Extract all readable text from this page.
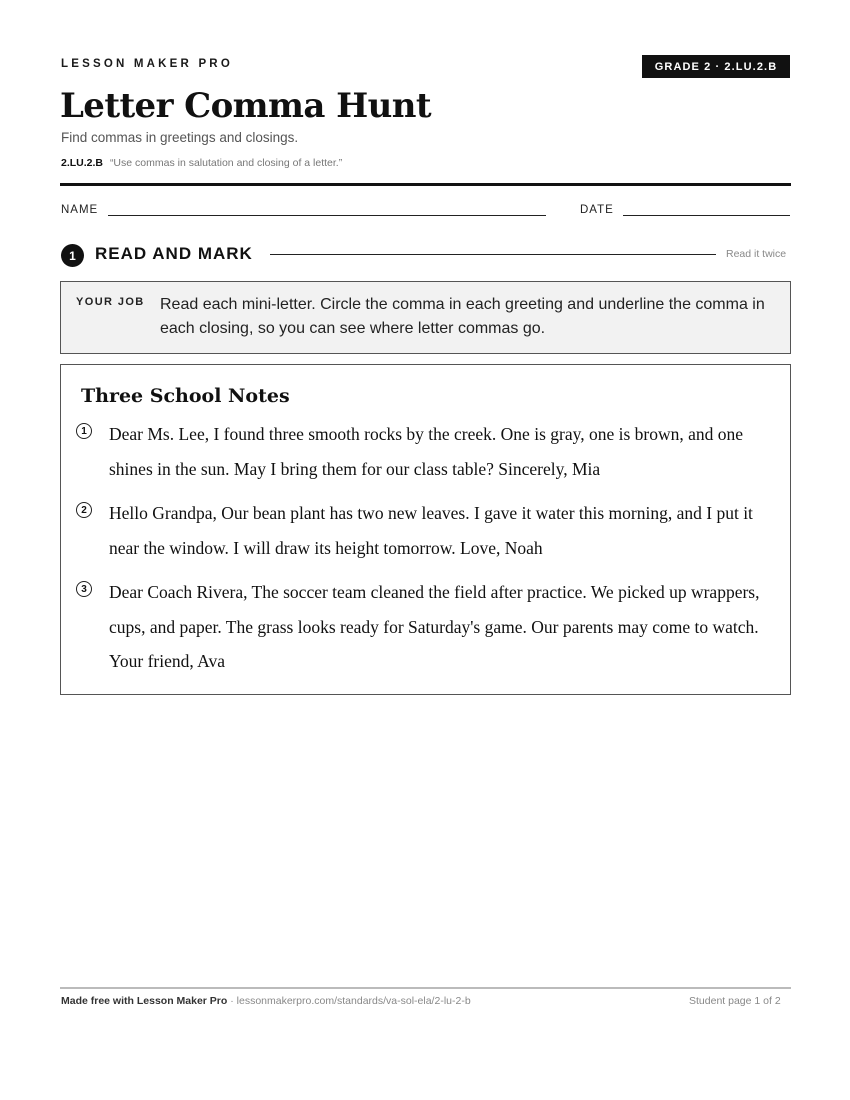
LESSON MAKER PRO	GRADE 2 · 2.LU.2.B
Letter Comma Hunt
Find commas in greetings and closings.
2.LU.2.B “Use commas in salutation and closing of a letter.”
NAME	DATE
1	READ AND MARK	Read it twice
YOUR JOB Read each mini-letter. Circle the comma in each greeting and underline the comma in each closing, so you can see where letter commas go.
Three School Notes
1 Dear Ms. Lee, I found three smooth rocks by the creek. One is gray, one is brown, and one shines in the sun. May I bring them for our class table? Sincerely, Mia
2 Hello Grandpa, Our bean plant has two new leaves. I gave it water this morning, and I put it near the window. I will draw its height tomorrow. Love, Noah
3 Dear Coach Rivera, The soccer team cleaned the field after practice. We picked up wrappers, cups, and paper. The grass looks ready for Saturday's game. Our parents may come to watch. Your friend, Ava
Made free with Lesson Maker Pro · lessonmakerpro.com/standards/va-sol-ela/2-lu-2-b	Student page 1 of 2
